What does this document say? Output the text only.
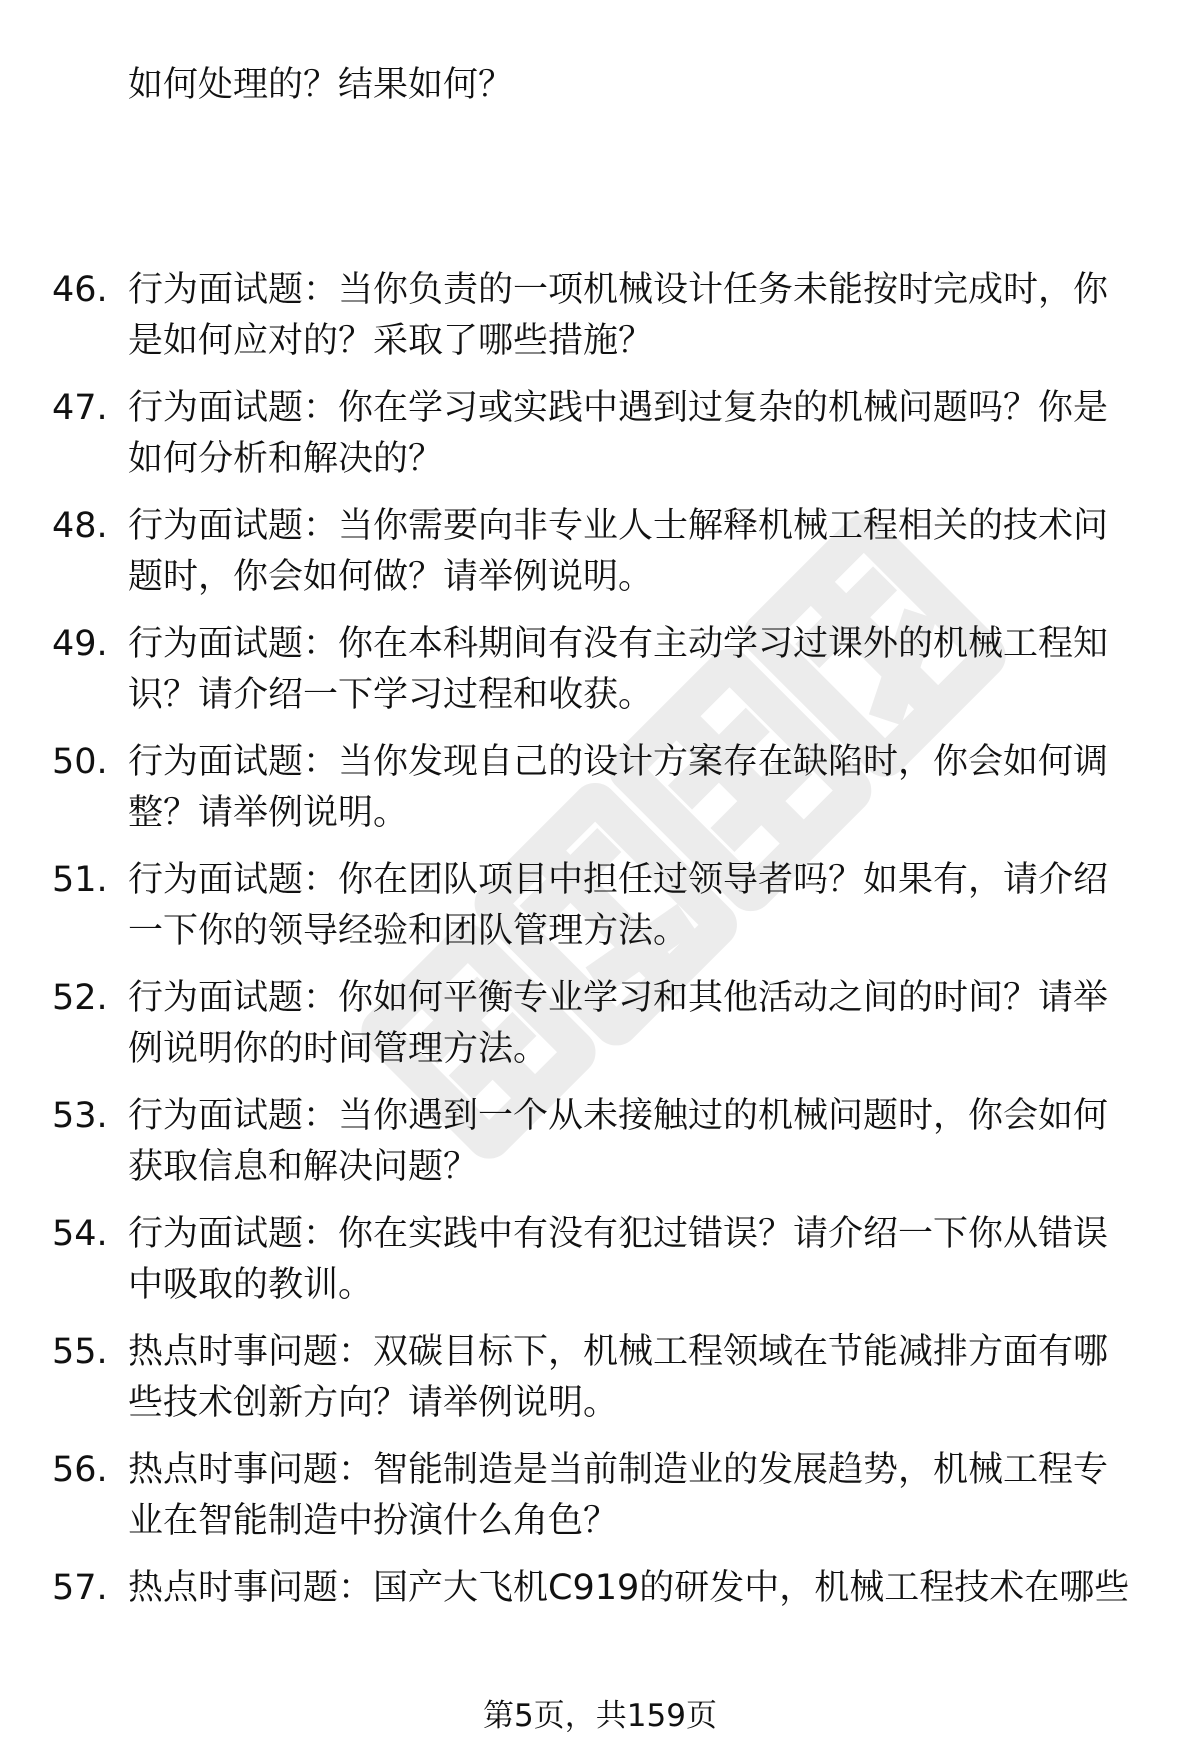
如何处理的？结果如何？
46. 行为面试题：当你负责的一项机械设计任务未能按时完成时，你
是如何应对的？采取了哪些措施？
47. 行为面试题：你在学习或实践中遇到过复杂的机械问题吗？你是
如何分析和解决的？
48. 行为面试题：当你需要向非专业人士解释机械工程相关的技术问
题时，你会如何做？请举例说明。
49. 行为面试题：你在本科期间有没有主动学习过课外的机械工程知
识？请介绍一下学习过程和收获。
50. 行为面试题：当你发现自己的设计方案存在缺陷时，你会如何调
整？请举例说明。
51. 行为面试题：你在团队项目中担任过领导者吗？如果有，请介绍
一下你的领导经验和团队管理方法。
52. 行为面试题：你如何平衡专业学习和其他活动之间的时间？请举
例说明你的时间管理方法。
53. 行为面试题：当你遇到一个从未接触过的机械问题时，你会如何
获取信息和解决问题？
54. 行为面试题：你在实践中有没有犯过错误？请介绍一下你从错误
中吸取的教训。
55. 热点时事问题：双碳目标下，机械工程领域在节能减排方面有哪
些技术创新方向？请举例说明。
56. 热点时事问题：智能制造是当前制造业的发展趋势，机械工程专
业在智能制造中扮演什么角色？
57. 热点时事问题：国产大飞机C919的研发中，机械工程技术在哪些
第5页，共159页
